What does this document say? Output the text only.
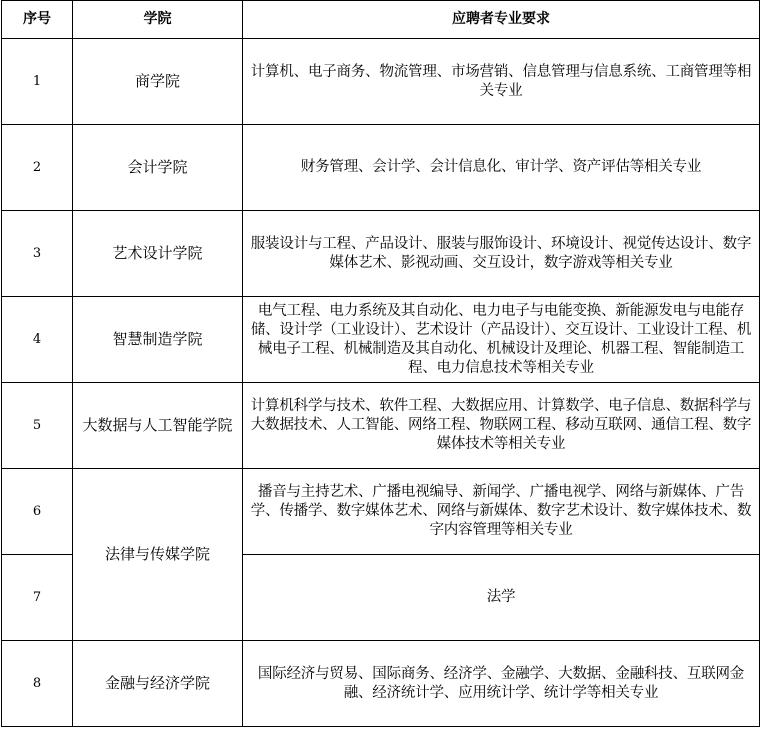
序号	学院	应聘者专业要求
1	商学院	计算机、电子商务、物流管理、市场营销、信息管理与信息系统、工商管理等相关专业
2	会计学院	财务管理、会计学、会计信息化、审计学、资产评估等相关专业
3	艺术设计学院	服装设计与工程、产品设计、服装与服饰设计、环境设计、视觉传达设计、数字媒体艺术、影视动画、交互设计，数字游戏等相关专业
4	智慧制造学院	电气工程、电力系统及其自动化、电力电子与电能变换、新能源发电与电能存储、设计学（工业设计）、艺术设计（产品设计）、交互设计、工业设计工程、机械电子工程、机械制造及其自动化、机械设计及理论、机器工程、智能制造工程、电力信息技术等相关专业
5	大数据与人工智能学院	计算机科学与技术、软件工程、大数据应用、计算数学、电子信息、数据科学与大数据技术、人工智能、网络工程、物联网工程、移动互联网、通信工程、数字媒体技术等相关专业
6	法律与传媒学院	播音与主持艺术、广播电视编导、新闻学、广播电视学、网络与新媒体、广告学、传播学、数字媒体艺术、网络与新媒体、数字艺术设计、数字媒体技术、数字内容管理等相关专业
7		法学
8	金融与经济学院	国际经济与贸易、国际商务、经济学、金融学、大数据、金融科技、互联网金融、经济统计学、应用统计学、统计学等相关专业
